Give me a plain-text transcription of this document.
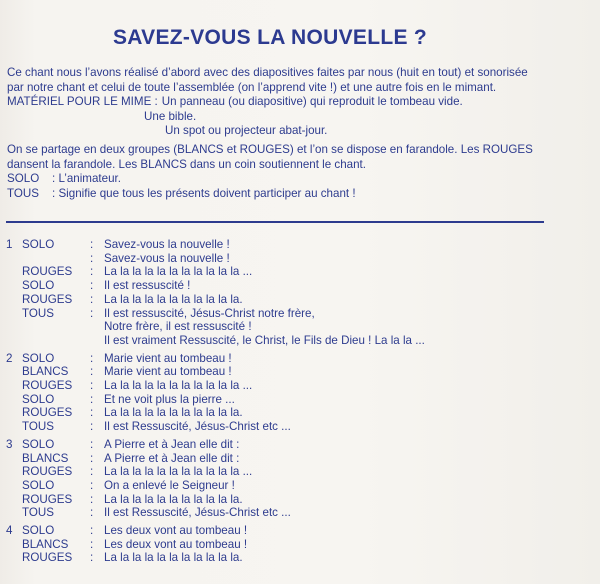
SAVEZ-VOUS LA NOUVELLE ?

Ce chant nous l’avons réalisé d’abord avec des diapositives faites par nous (huit en tout) et sonorisée par notre chant et celui de toute l’assemblée (on l’apprend vite !) et une autre fois en le mimant.

MATÉRIEL POUR LE MIME : Un panneau (ou diapositive) qui reproduit le tombeau vide.

Une bible.

Un spot ou projecteur abat-jour.

On se partage en deux groupes (BLANCS et ROUGES) et l’on se dispose en farandole. Les ROUGES dansent la farandole. Les BLANCS dans un coin soutiennent le chant.

SOLO	: L’animateur.
TOUS	: Signifie que tous les présents doivent participer au chant !
1 SOLO	: Savez-vous la nouvelle !
: Savez-vous la nouvelle !
ROUGES	: La la la la la la la la la la la ...
SOLO	: Il est ressuscité !
ROUGES	: La la la la la la la la la la la.
TOUS	: Il est ressuscité, Jésus-Christ notre frère,
Notre frère, il est ressuscité !
Il est vraiment Ressuscité, le Christ, le Fils de Dieu ! La la la ...
2 SOLO	: Marie vient au tombeau !
BLANCS	: Marie vient au tombeau !
ROUGES	: La la la la la la la la la la la ...
SOLO	: Et ne voit plus la pierre ...
ROUGES	: La la la la la la la la la la la.
TOUS	: Il est Ressuscité, Jésus-Christ etc ...
3 SOLO	: A Pierre et à Jean elle dit :
BLANCS	: A Pierre et à Jean elle dit :
ROUGES	: La la la la la la la la la la la ...
SOLO	: On a enlevé le Seigneur !
ROUGES	: La la la la la la la la la la la.
TOUS	: Il est Ressuscité, Jésus-Christ etc ...
4 SOLO	: Les deux vont au tombeau !
BLANCS	: Les deux vont au tombeau !
ROUGES	: La la la la la la la la la la la.
